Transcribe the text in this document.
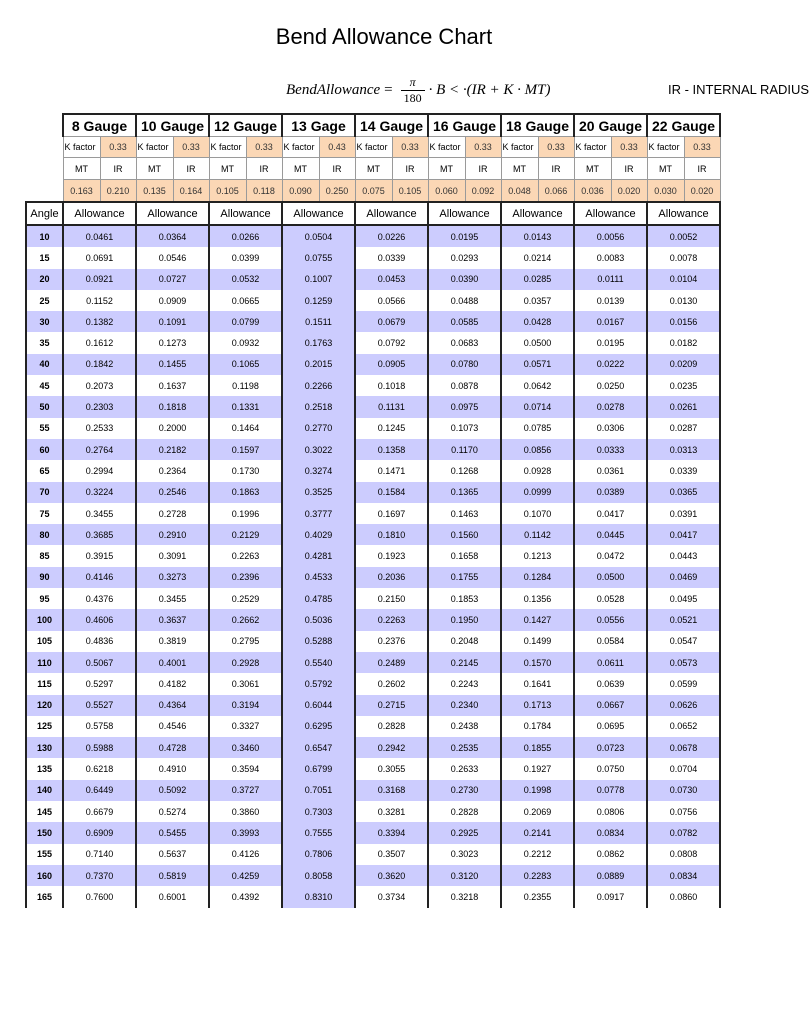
Bend Allowance Chart
BendAllowance = $\frac{\pi}{180} \cdot B < \cdot(IR + K \cdot MT)$	IR - INTERNAL RADIUS
	8 Gauge		10 Gauge		12 Gauge		13 Gage		14 Gauge		16 Gauge		18 Gauge		20 Gauge		22 Gauge	
	K factor	0.33	K factor	0.33	K factor	0.33	K factor	0.43	K factor	0.33	K factor	0.33	K factor	0.33	K factor	0.33	K factor	0.33
	MT	IR	MT	IR	MT	IR	MT	IR	MT	IR	MT	IR	MT	IR	MT	IR	MT	IR
	0.163	0.210	0.135	0.164	0.105	0.118	0.090	0.250	0.075	0.105	0.060	0.092	0.048	0.066	0.036	0.020	0.030	0.020
Angle	Allowance		Allowance		Allowance		Allowance		Allowance		Allowance		Allowance		Allowance		Allowance	
10	0.0461		0.0364		0.0266		0.0504		0.0226		0.0195		0.0143		0.0056		0.0052	
15	0.0691		0.0546		0.0399		0.0755		0.0339		0.0293		0.0214		0.0083		0.0078	
20	0.0921		0.0727		0.0532		0.1007		0.0453		0.0390		0.0285		0.0111		0.0104	
25	0.1152		0.0909		0.0665		0.1259		0.0566		0.0488		0.0357		0.0139		0.0130	
30	0.1382		0.1091		0.0799		0.1511		0.0679		0.0585		0.0428		0.0167		0.0156	
35	0.1612		0.1273		0.0932		0.1763		0.0792		0.0683		0.0500		0.0195		0.0182	
40	0.1842		0.1455		0.1065		0.2015		0.0905		0.0780		0.0571		0.0222		0.0209	
45	0.2073		0.1637		0.1198		0.2266		0.1018		0.0878		0.0642		0.0250		0.0235	
50	0.2303		0.1818		0.1331		0.2518		0.1131		0.0975		0.0714		0.0278		0.0261	
55	0.2533		0.2000		0.1464		0.2770		0.1245		0.1073		0.0785		0.0306		0.0287	
60	0.2764		0.2182		0.1597		0.3022		0.1358		0.1170		0.0856		0.0333		0.0313	
65	0.2994		0.2364		0.1730		0.3274		0.1471		0.1268		0.0928		0.0361		0.0339	
70	0.3224		0.2546		0.1863		0.3525		0.1584		0.1365		0.0999		0.0389		0.0365	
75	0.3455		0.2728		0.1996		0.3777		0.1697		0.1463		0.1070		0.0417		0.0391	
80	0.3685		0.2910		0.2129		0.4029		0.1810		0.1560		0.1142		0.0445		0.0417	
85	0.3915		0.3091		0.2263		0.4281		0.1923		0.1658		0.1213		0.0472		0.0443	
90	0.4146		0.3273		0.2396		0.4533		0.2036		0.1755		0.1284		0.0500		0.0469	
95	0.4376		0.3455		0.2529		0.4785		0.2150		0.1853		0.1356		0.0528		0.0495	
100	0.4606		0.3637		0.2662		0.5036		0.2263		0.1950		0.1427		0.0556		0.0521	
105	0.4836		0.3819		0.2795		0.5288		0.2376		0.2048		0.1499		0.0584		0.0547	
110	0.5067		0.4001		0.2928		0.5540		0.2489		0.2145		0.1570		0.0611		0.0573	
115	0.5297		0.4182		0.3061		0.5792		0.2602		0.2243		0.1641		0.0639		0.0599	
120	0.5527		0.4364		0.3194		0.6044		0.2715		0.2340		0.1713		0.0667		0.0626	
125	0.5758		0.4546		0.3327		0.6295		0.2828		0.2438		0.1784		0.0695		0.0652	
130	0.5988		0.4728		0.3460		0.6547		0.2942		0.2535		0.1855		0.0723		0.0678	
135	0.6218		0.4910		0.3594		0.6799		0.3055		0.2633		0.1927		0.0750		0.0704	
140	0.6449		0.5092		0.3727		0.7051		0.3168		0.2730		0.1998		0.0778		0.0730	
145	0.6679		0.5274		0.3860		0.7303		0.3281		0.2828		0.2069		0.0806		0.0756	
150	0.6909		0.5455		0.3993		0.7555		0.3394		0.2925		0.2141		0.0834		0.0782	
155	0.7140		0.5637		0.4126		0.7806		0.3507		0.3023		0.2212		0.0862		0.0808	
160	0.7370		0.5819		0.4259		0.8058		0.3620		0.3120		0.2283		0.0889		0.0834	
165	0.7600		0.6001		0.4392		0.8310		0.3734		0.3218		0.2355		0.0917		0.0860	
